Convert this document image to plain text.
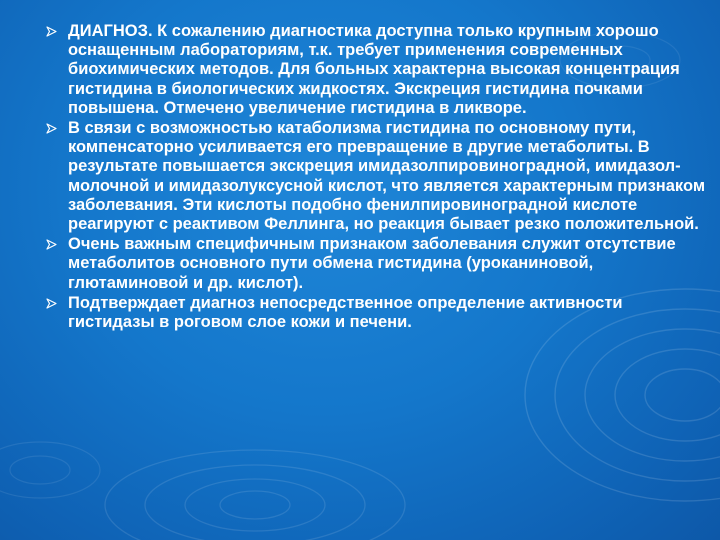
ДИАГНОЗ. К сожалению диагностика доступна только крупным хорошо оснащенным лабораториям, т.к. требует применения современных биохимических методов. Для больных характерна высокая концентрация гистидина в биологических жидкостях. Экскреция гистидина почками повышена. Отмечено увеличение гистидина в ликворе.
В связи с возможностью катаболизма гистидина по основному пути, компенсаторно усиливается его превращение в другие метаболиты. В результате повышается экскреция имидазолпировиноградной, имидазол- молочной и имидазолуксусной кислот, что является характерным признаком заболевания. Эти кислоты подобно фенилпировиноградной кислоте реагируют с реактивом Феллинга, но реакция бывает резко положительной.
Очень важным специфичным признаком заболевания служит отсутствие метаболитов основного пути обмена гистидина (уроканиновой, глютаминовой и др. кислот).
Подтверждает диагноз непосредственное определение активности гистидазы в роговом слое кожи и печени.
